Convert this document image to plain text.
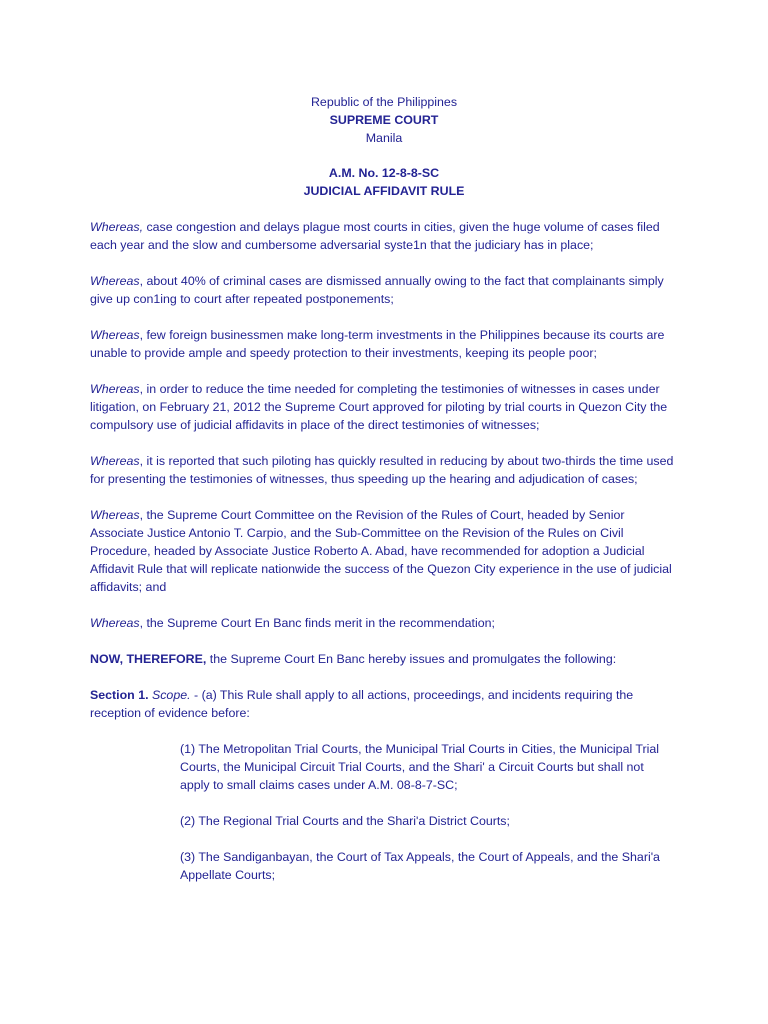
Republic of the Philippines
SUPREME COURT
Manila
A.M. No. 12-8-8-SC
JUDICIAL AFFIDAVIT RULE

Whereas, case congestion and delays plague most courts in cities, given the huge volume of cases filed each year and the slow and cumbersome adversarial syste1n that the judiciary has in place;

Whereas, about 40% of criminal cases are dismissed annually owing to the fact that complainants simply give up con1ing to court after repeated postponements;

Whereas, few foreign businessmen make long-term investments in the Philippines because its courts are unable to provide ample and speedy protection to their investments, keeping its people poor;

Whereas, in order to reduce the time needed for completing the testimonies of witnesses in cases under litigation, on February 21, 2012 the Supreme Court approved for piloting by trial courts in Quezon City the compulsory use of judicial affidavits in place of the direct testimonies of witnesses;

Whereas, it is reported that such piloting has quickly resulted in reducing by about two-thirds the time used for presenting the testimonies of witnesses, thus speeding up the hearing and adjudication of cases;

Whereas, the Supreme Court Committee on the Revision of the Rules of Court, headed by Senior Associate Justice Antonio T. Carpio, and the Sub-Committee on the Revision of the Rules on Civil Procedure, headed by Associate Justice Roberto A. Abad, have recommended for adoption a Judicial Affidavit Rule that will replicate nationwide the success of the Quezon City experience in the use of judicial affidavits; and

Whereas, the Supreme Court En Banc finds merit in the recommendation;

NOW, THEREFORE, the Supreme Court En Banc hereby issues and promulgates the following:

Section 1. Scope. - (a) This Rule shall apply to all actions, proceedings, and incidents requiring the reception of evidence before:

(1) The Metropolitan Trial Courts, the Municipal Trial Courts in Cities, the Municipal Trial Courts, the Municipal Circuit Trial Courts, and the Shari' a Circuit Courts but shall not apply to small claims cases under A.M. 08-8-7-SC;

(2) The Regional Trial Courts and the Shari'a District Courts;

(3) The Sandiganbayan, the Court of Tax Appeals, the Court of Appeals, and the Shari'a Appellate Courts;
